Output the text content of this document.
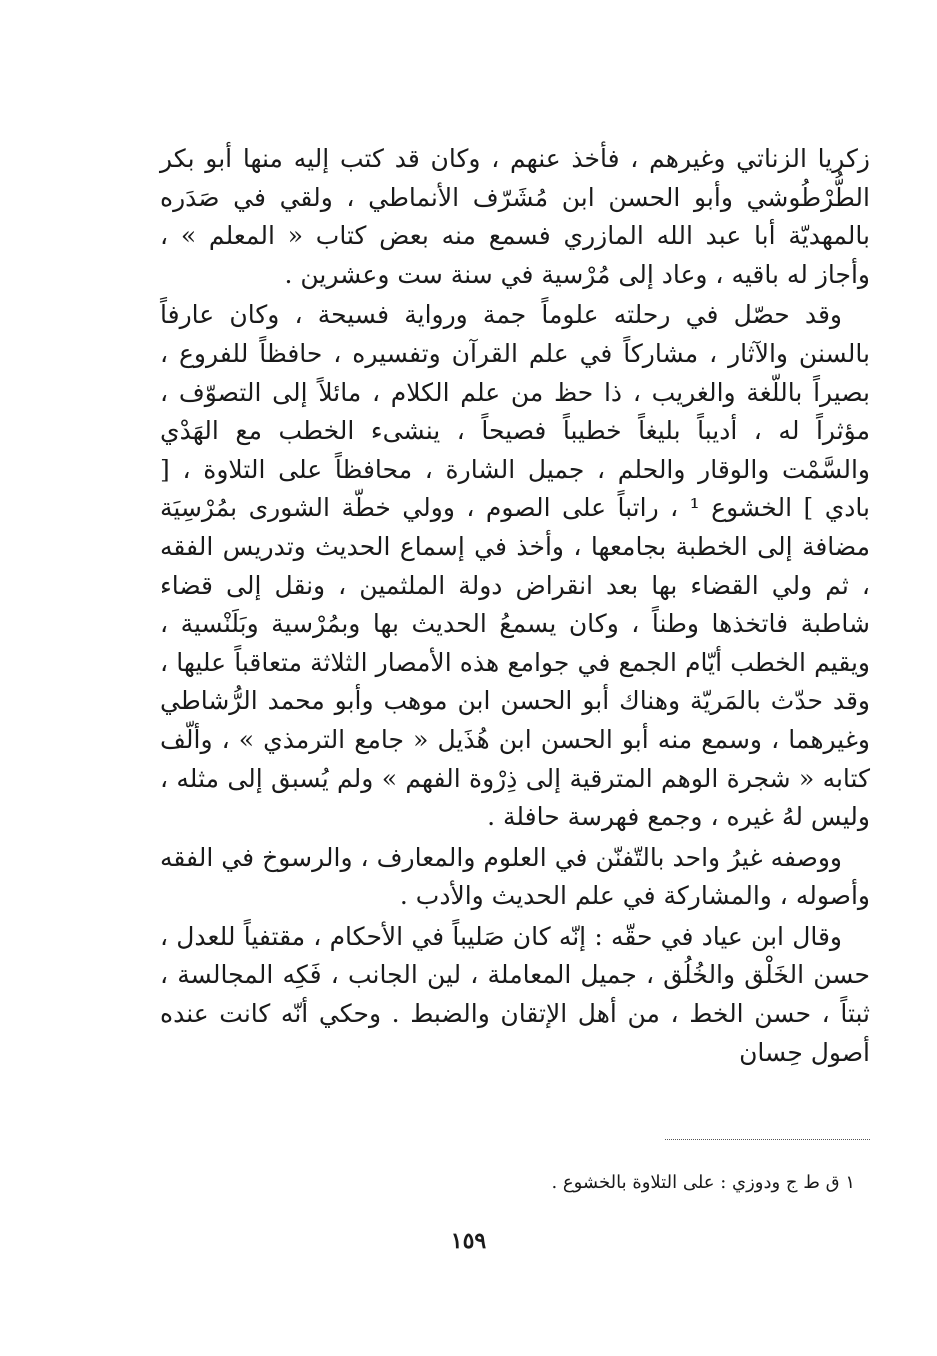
زكريا الزناتي وغيرهم ، فأخذ عنهم ، وكان قد كتب إليه منها أبو بكر الطُّرْطُوشي وأبو الحسن ابن مُشَرّف الأنماطي ، ولقي في صَدَره بالمهديّة أبا عبد الله المازري فسمع منه بعض كتاب « المعلم » ، وأجاز له باقيه ، وعاد إلى مُرْسية في سنة ست وعشرين .

وقد حصّل في رحلته علوماً جمة ورواية فسيحة ، وكان عارفاً بالسنن والآثار ، مشاركاً في علم القرآن وتفسيره ، حافظاً للفروع ، بصيراً باللّغة والغريب ، ذا حظ من علم الكلام ، مائلاً إلى التصوّف ، مؤثراً له ، أديباً بليغاً خطيباً فصيحاً ، ينشىء الخطب مع الهَدْي والسَّمْت والوقار والحلم ، جميل الشارة ، محافظاً على التلاوة ، [ بادي ] الخشوع ¹ ، راتباً على الصوم ، وولي خطّة الشورى بمُرْسِيَة مضافة إلى الخطبة بجامعها ، وأخذ في إسماع الحديث وتدريس الفقه ، ثم ولي القضاء بها بعد انقراض دولة الملثمين ، ونقل إلى قضاء شاطبة فاتخذها وطناً ، وكان يسمعُ الحديث بها وبمُرْسية وبَلَنْسية ، ويقيم الخطب أيّام الجمع في جوامع هذه الأمصار الثلاثة متعاقباً عليها ، وقد حدّث بالمَريّة وهناك أبو الحسن ابن موهب وأبو محمد الرُّشاطي وغيرهما ، وسمع منه أبو الحسن ابن هُذَيل « جامع الترمذي » ، وألّف كتابه « شجرة الوهم المترقية إلى ذِرْوة الفهم » ولم يُسبق إلى مثله ، وليس لهُ غيره ، وجمع فهرسة حافلة .

ووصفه غيرُ واحد بالتّفنّن في العلوم والمعارف ، والرسوخ في الفقه وأصوله ، والمشاركة في علم الحديث والأدب .

وقال ابن عياد في حقّه : إنّه كان صَليباً في الأحكام ، مقتفياً للعدل ، حسن الخَلْق والخُلُق ، جميل المعاملة ، لين الجانب ، فَكِه المجالسة ، ثبتاً ، حسن الخط ، من أهل الإتقان والضبط . وحكي أنّه كانت عنده أصول حِسان

١ ق ط ج ودوزي : على التلاوة بالخشوع .
١٥٩
